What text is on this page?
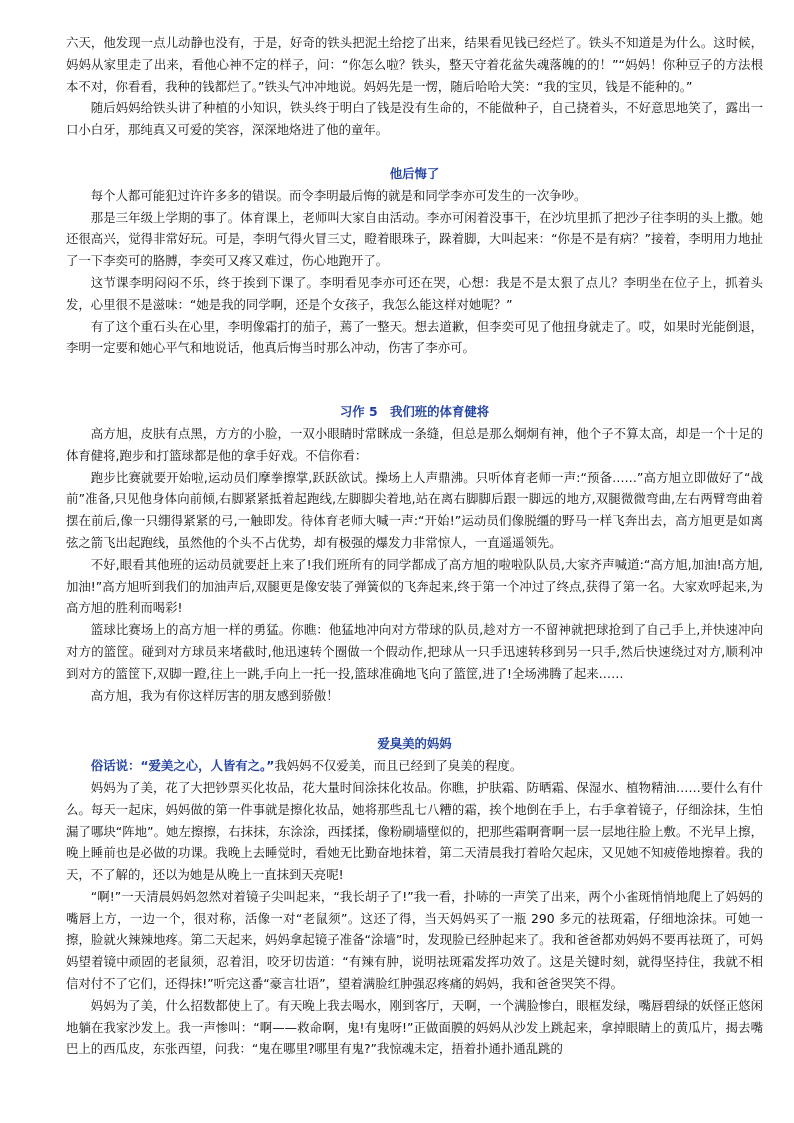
六天，他发现一点儿动静也没有，于是，好奇的铁头把泥土给挖了出来，结果看见钱已经烂了。铁头不知道是为什么。这时候，妈妈从家里走了出来，看他心神不定的样子，问：“你怎么啦？铁头，整天守着花盆失魂落魄的的！”“妈妈！你种豆子的方法根本不对，你看看，我种的钱都烂了。”铁头气冲冲地说。妈妈先是一愣，随后哈哈大笑：“我的宝贝，钱是不能种的。”

随后妈妈给铁头讲了种植的小知识，铁头终于明白了钱是没有生命的，不能做种子，自己挠着头，不好意思地笑了，露出一口小白牙，那纯真又可爱的笑容，深深地烙进了他的童年。

他后悔了

每个人都可能犯过许许多多的错误。而令李明最后悔的就是和同学李亦可发生的一次争吵。

那是三年级上学期的事了。体育课上，老师叫大家自由活动。李亦可闲着没事干，在沙坑里抓了把沙子往李明的头上撒。她还很高兴，觉得非常好玩。可是，李明气得火冒三丈，瞪着眼珠子，跺着脚，大叫起来：“你是不是有病？”接着，李明用力地扯了一下李奕可的胳膊，李奕可又疼又难过，伤心地跑开了。

这节课李明闷闷不乐，终于挨到下课了。李明看见李亦可还在哭，心想：我是不是太狠了点儿？李明坐在位子上，抓着头发，心里很不是滋味：“她是我的同学啊，还是个女孩子，我怎么能这样对她呢？”

有了这个重石头在心里，李明像霜打的茄子，蔫了一整天。想去道歉，但李奕可见了他扭身就走了。哎，如果时光能倒退，李明一定要和她心平气和地说话，他真后悔当时那么冲动，伤害了李亦可。

习作 5　我们班的体育健将

高方旭，皮肤有点黑，方方的小脸，一双小眼睛时常眯成一条缝，但总是那么炯炯有神，他个子不算太高，却是一个十足的体育健将,跑步和打篮球都是他的拿手好戏。不信你看：

跑步比赛就要开始啦,运动员们摩拳擦掌,跃跃欲试。操场上人声鼎沸。只听体育老师一声:“预备……”高方旭立即做好了“战前”准备,只见他身体向前倾,右脚紧紧抵着起跑线,左脚脚尖着地,站在离右脚脚后跟一脚远的地方,双腿微微弯曲,左右两臂弯曲着摆在前后,像一只绷得紧紧的弓,一触即发。待体育老师大喊一声:“开始!”运动员们像脱缰的野马一样飞奔出去，高方旭更是如离弦之箭飞出起跑线，虽然他的个头不占优势，却有极强的爆发力非常惊人，一直遥遥领先。

不好,眼看其他班的运动员就要赶上来了!我们班所有的同学都成了高方旭的啦啦队队员,大家齐声喊道:“高方旭,加油!高方旭,加油!”高方旭听到我们的加油声后,双腿更是像安装了弹簧似的飞奔起来,终于第一个冲过了终点,获得了第一名。大家欢呼起来,为高方旭的胜利而喝彩!

篮球比赛场上的高方旭一样的勇猛。你瞧：他猛地冲向对方带球的队员,趁对方一不留神就把球抢到了自己手上,并快速冲向对方的篮筐。碰到对方球员来堵截时,他迅速转个圈做一个假动作,把球从一只手迅速转移到另一只手,然后快速绕过对方,顺利冲到对方的篮筐下,双脚一蹬,往上一跳,手向上一托一投,篮球准确地飞向了篮筐,进了!全场沸腾了起来……

高方旭，我为有你这样厉害的朋友感到骄傲！

爱臭美的妈妈

俗话说：“爱美之心，人皆有之。”我妈妈不仅爱美，而且已经到了臭美的程度。

妈妈为了美，花了大把钞票买化妆品，花大量时间涂抹化妆品。你瞧，护肤霜、防晒霜、保湿水、植物精油……要什么有什么。每天一起床，妈妈做的第一件事就是擦化妆品，她将那些乱七八糟的霜，挨个地倒在手上，右手拿着镜子，仔细涂抹，生怕漏了哪块“阵地”。她左擦擦，右抹抹，东涂涂，西揉揉，像粉刷墙壁似的，把那些霜啊膏啊一层一层地往脸上敷。不光早上擦，晚上睡前也是必做的功课。我晚上去睡觉时，看她无比勤奋地抹着，第二天清晨我打着哈欠起床，又见她不知疲倦地擦着。我的天，不了解的，还以为她是从晚上一直抹到天亮呢!

“啊!”一天清晨妈妈忽然对着镜子尖叫起来，“我长胡子了!”我一看，扑哧的一声笑了出来，两个小雀斑悄悄地爬上了妈妈的嘴唇上方，一边一个，很对称，活像一对“老鼠须”。这还了得，当天妈妈买了一瓶 290 多元的祛斑霜，仔细地涂抹。可她一擦，脸就火辣辣地疼。第二天起来，妈妈拿起镜子准备“涂墙”时，发现脸已经肿起来了。我和爸爸都劝妈妈不要再祛斑了，可妈妈望着镜中顽固的老鼠须，忍着泪，咬牙切齿道：“有辣有肿，说明祛斑霜发挥功效了。这是关键时刻，就得坚持住，我就不相信对付不了它们，还得抹!”听完这番“豪言壮语”，望着满脸红肿强忍疼痛的妈妈，我和爸爸哭笑不得。

妈妈为了美，什么招数都使上了。有天晚上我去喝水，刚到客厅，天啊，一个满脸惨白，眼框发绿，嘴唇碧绿的妖怪正悠闲地躺在我家沙发上。我一声惨叫：“啊——救命啊，鬼!有鬼呀!”正做面膜的妈妈从沙发上跳起来，拿掉眼睛上的黄瓜片，揭去嘴巴上的西瓜皮，东张西望，问我：“鬼在哪里?哪里有鬼?”我惊魂未定，捂着扑通扑通乱跳的
